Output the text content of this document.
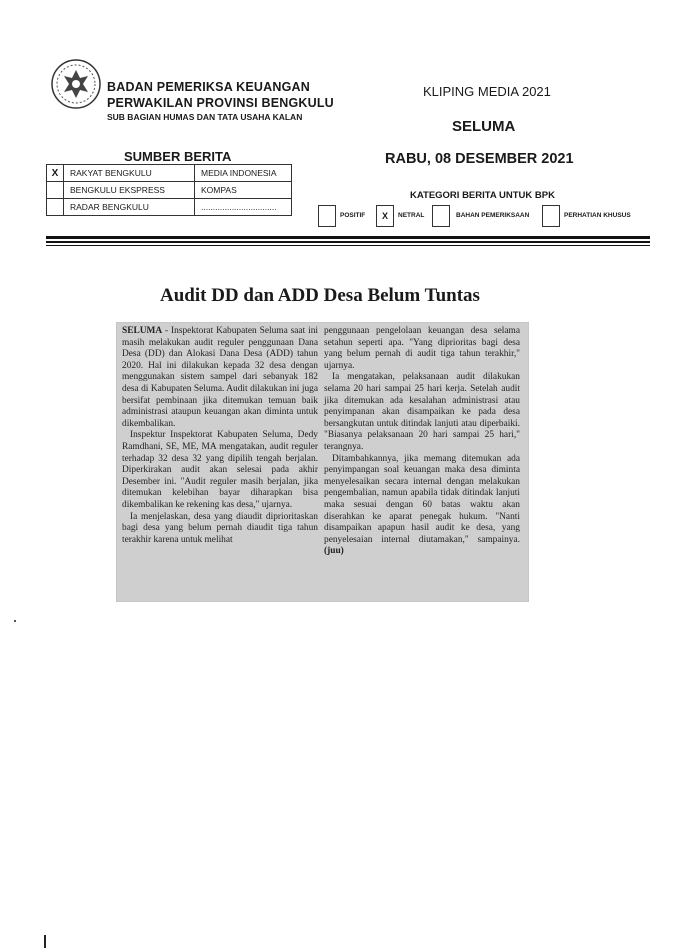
BADAN PEMERIKSA KEUANGAN
PERWAKILAN PROVINSI BENGKULU
SUB BAGIAN HUMAS DAN TATA USAHA KALAN
KLIPING MEDIA 2021
SELUMA
RABU, 08 DESEMBER 2021
SUMBER BERITA
X	RAKYAT BENGKULU	MEDIA INDONESIA
	BENGKULU EKSPRESS	KOMPAS
	RADAR BENGKULU	................................
KATEGORI BERITA UNTUK BPK
POSITIF	X	NETRAL	BAHAN PEMERIKSAAN	PERHATIAN KHUSUS
Audit DD dan ADD Desa Belum Tuntas

SELUMA - Inspektorat Kabupaten Seluma saat ini masih melakukan audit reguler penggunaan Dana Desa (DD) dan Alokasi Dana Desa (ADD) tahun 2020. Hal ini dilakukan kepada 32 desa dengan menggunakan sistem sampel dari sebanyak 182 desa di Kabupaten Seluma. Audit dilakukan ini juga bersifat pembinaan jika ditemukan temuan baik administrasi ataupun keuangan akan diminta untuk dikembalikan.

Inspektur Inspektorat Kabupaten Seluma, Dedy Ramdhani, SE, ME, MA mengatakan, audit reguler terhadap 32 desa 32 yang dipilih tengah berjalan. Diperkirakan audit akan selesai pada akhir Desember ini. "Audit reguler masih berjalan, jika ditemukan kelebihan bayar diharapkan bisa dikembalikan ke rekening kas desa," ujarnya.

Ia menjelaskan, desa yang diaudit diprioritaskan bagi desa yang belum pernah diaudit tiga tahun terakhir karena untuk melihat

penggunaan pengelolaan keuangan desa selama setahun seperti apa. "Yang diprioritas bagi desa yang belum pernah di audit tiga tahun terakhir," ujarnya.

Ia mengatakan, pelaksanaan audit dilakukan selama 20 hari sampai 25 hari kerja. Setelah audit jika ditemukan ada kesalahan administrasi atau penyimpanan akan disampaikan ke pada desa bersangkutan untuk ditindak lanjuti atau diperbaiki. "Biasanya pelaksanaan 20 hari sampai 25 hari," terangnya.

Ditambahkannya, jika memang ditemukan ada penyimpangan soal keuangan maka desa diminta menyelesaikan secara internal dengan melakukan pengembalian, namun apabila tidak ditindak lanjuti maka sesuai dengan 60 batas waktu akan diserahkan ke aparat penegak hukum. "Nanti disampaikan apapun hasil audit ke desa, yang penyelesaian internal diutamakan," sampainya. (juu)
